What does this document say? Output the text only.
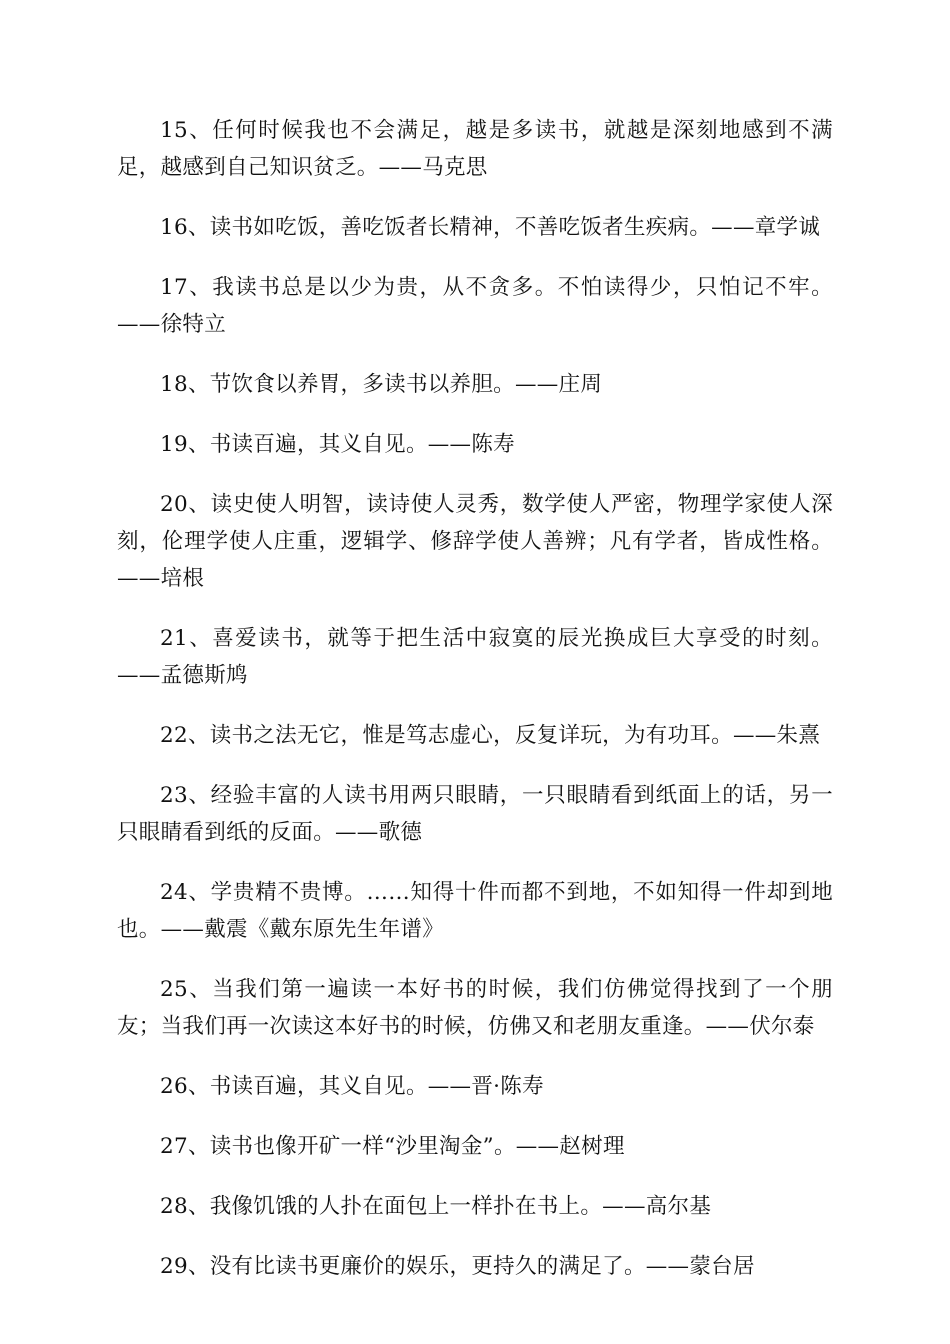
15、任何时候我也不会满足，越是多读书，就越是深刻地感到不满足，越感到自己知识贫乏。——马克思

16、读书如吃饭，善吃饭者长精神，不善吃饭者生疾病。——章学诚

17、我读书总是以少为贵，从不贪多。不怕读得少，只怕记不牢。——徐特立

18、节饮食以养胃，多读书以养胆。——庄周

19、书读百遍，其义自见。——陈寿

20、读史使人明智，读诗使人灵秀，数学使人严密，物理学家使人深刻，伦理学使人庄重，逻辑学、修辞学使人善辨；凡有学者，皆成性格。——培根

21、喜爱读书，就等于把生活中寂寞的辰光换成巨大享受的时刻。——孟德斯鸠

22、读书之法无它，惟是笃志虚心，反复详玩，为有功耳。——朱熹

23、经验丰富的人读书用两只眼睛，一只眼睛看到纸面上的话，另一只眼睛看到纸的反面。——歌德

24、学贵精不贵博。……知得十件而都不到地，不如知得一件却到地也。——戴震《戴东原先生年谱》

25、当我们第一遍读一本好书的时候，我们仿佛觉得找到了一个朋友；当我们再一次读这本好书的时候，仿佛又和老朋友重逢。——伏尔泰

26、书读百遍，其义自见。——晋·陈寿

27、读书也像开矿一样“沙里淘金”。——赵树理

28、我像饥饿的人扑在面包上一样扑在书上。——高尔基

29、没有比读书更廉价的娱乐，更持久的满足了。——蒙台居
